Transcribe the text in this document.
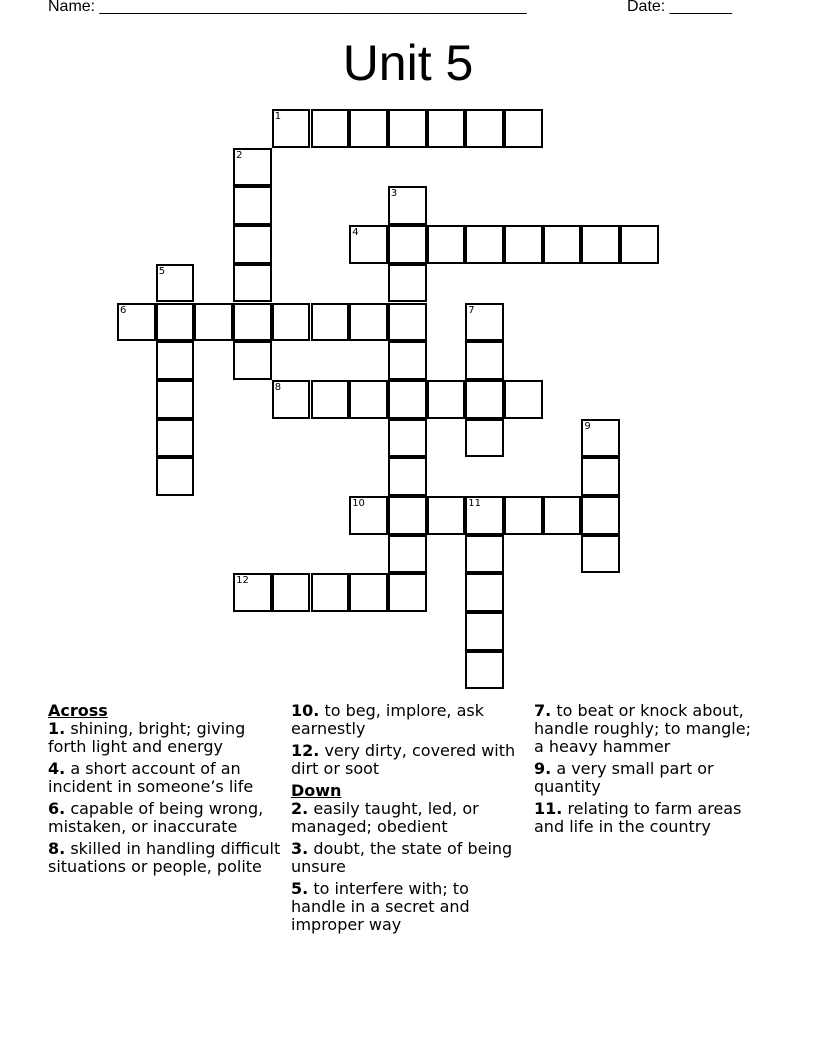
Name: ________________________________________________	Date: _______
Unit 5
1
2
3
4
5
6	7
8
9
10	11
12
Across
1. shining, bright; giving forth light and energy
4. a short account of an incident in someone’s life
6. capable of being wrong, mistaken, or inaccurate
8. skilled in handling difficult situations or people, polite
10. to beg, implore, ask earnestly
12. very dirty, covered with dirt or soot
Down
2. easily taught, led, or managed; obedient
3. doubt, the state of being unsure
5. to interfere with; to handle in a secret and improper way
7. to beat or knock about, handle roughly; to mangle; a heavy hammer
9. a very small part or quantity
11. relating to farm areas and life in the country
